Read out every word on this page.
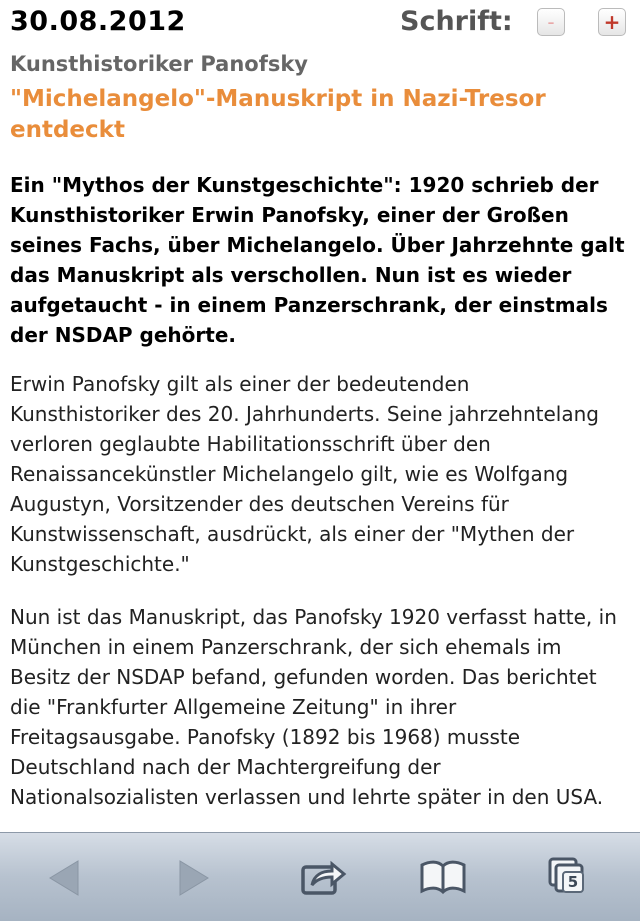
30.08.2012	Schrift:	-	+
Kunsthistoriker Panofsky
"Michelangelo"-Manuskript in Nazi-Tresor entdeckt
Ein "Mythos der Kunstgeschichte": 1920 schrieb der Kunsthistoriker Erwin Panofsky, einer der Großen seines Fachs, über Michelangelo. Über Jahrzehnte galt das Manuskript als verschollen. Nun ist es wieder aufgetaucht - in einem Panzerschrank, der einstmals der NSDAP gehörte.
Erwin Panofsky gilt als einer der bedeutenden Kunsthistoriker des 20. Jahrhunderts. Seine jahrzehntelang verloren geglaubte Habilitationsschrift über den Renaissancekünstler Michelangelo gilt, wie es Wolfgang Augustyn, Vorsitzender des deutschen Vereins für Kunstwissenschaft, ausdrückt, als einer der "Mythen der Kunstgeschichte."
Nun ist das Manuskript, das Panofsky 1920 verfasst hatte, in München in einem Panzerschrank, der sich ehemals im Besitz der NSDAP befand, gefunden worden. Das berichtet die "Frankfurter Allgemeine Zeitung" in ihrer Freitagsausgabe. Panofsky (1892 bis 1968) musste Deutschland nach der Machtergreifung der Nationalsozialisten verlassen und lehrte später in den USA.
5
